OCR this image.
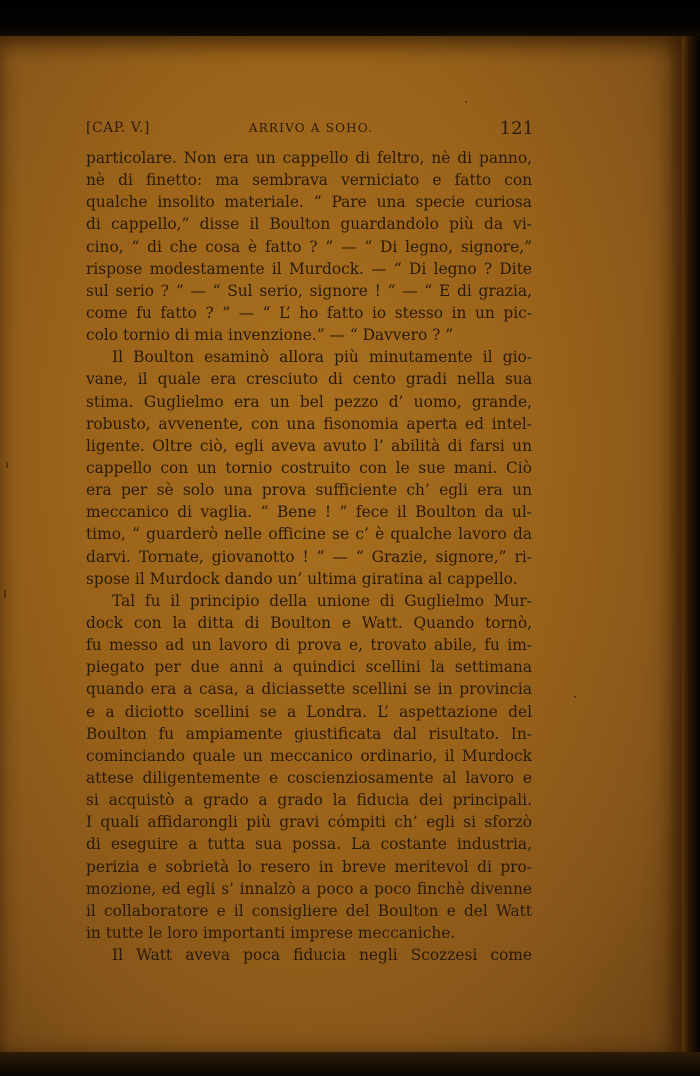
[CAP. V.]	ARRIVO A SOHO.	121
particolare. Non era un cappello di feltro, nè di panno,
nè di finetto: ma sembrava verniciato e fatto con
qualche insolito materiale. “ Pare una specie curiosa
di cappello,” disse il Boulton guardandolo più da vi-
cino, “ di che cosa è fatto ? ” — “ Di legno, signore,”
rispose modestamente il Murdock. — “ Di legno ? Dite
sul serio ? ” — “ Sul serio, signore ! ” — “ E di grazia,
come fu fatto ? ” — “ L’ ho fatto io stesso in un pic-
colo tornio di mia invenzione.” — “ Davvero ? ”
Il Boulton esaminò allora più minutamente il gio-
vane, il quale era cresciuto di cento gradi nella sua
stima. Guglielmo era un bel pezzo d’ uomo, grande,
robusto, avvenente, con una fisonomia aperta ed intel-
ligente. Oltre ciò, egli aveva avuto l’ abilità di farsi un
cappello con un tornio costruito con le sue mani. Ciò
era per sè solo una prova sufficiente ch’ egli era un
meccanico di vaglia. “ Bene ! ” fece il Boulton da ul-
timo, “ guarderò nelle officine se c’ è qualche lavoro da
darvi. Tornate, giovanotto ! ” — “ Grazie, signore,” ri-
spose il Murdock dando un’ ultima giratina al cappello.
Tal fu il principio della unione di Guglielmo Mur-
dock con la ditta di Boulton e Watt. Quando tornò,
fu messo ad un lavoro di prova e, trovato abile, fu im-
piegato per due anni a quindici scellini la settimana
quando era a casa, a diciassette scellini se in provincia
e a diciotto scellini se a Londra. L’ aspettazione del
Boulton fu ampiamente giustificata dal risultato. In-
cominciando quale un meccanico ordinario, il Murdock
attese diligentemente e coscienziosamente al lavoro e
si acquistò a grado a grado la fiducia dei principali.
I quali affidarongli più gravi cómpiti ch’ egli si sforzò
di eseguire a tutta sua possa. La costante industria,
perizia e sobrietà lo resero in breve meritevol di pro-
mozione, ed egli s’ innalzò a poco a poco finchè divenne
il collaboratore e il consigliere del Boulton e del Watt
in tutte le loro importanti imprese meccaniche.
Il Watt aveva poca fiducia negli Scozzesi come
